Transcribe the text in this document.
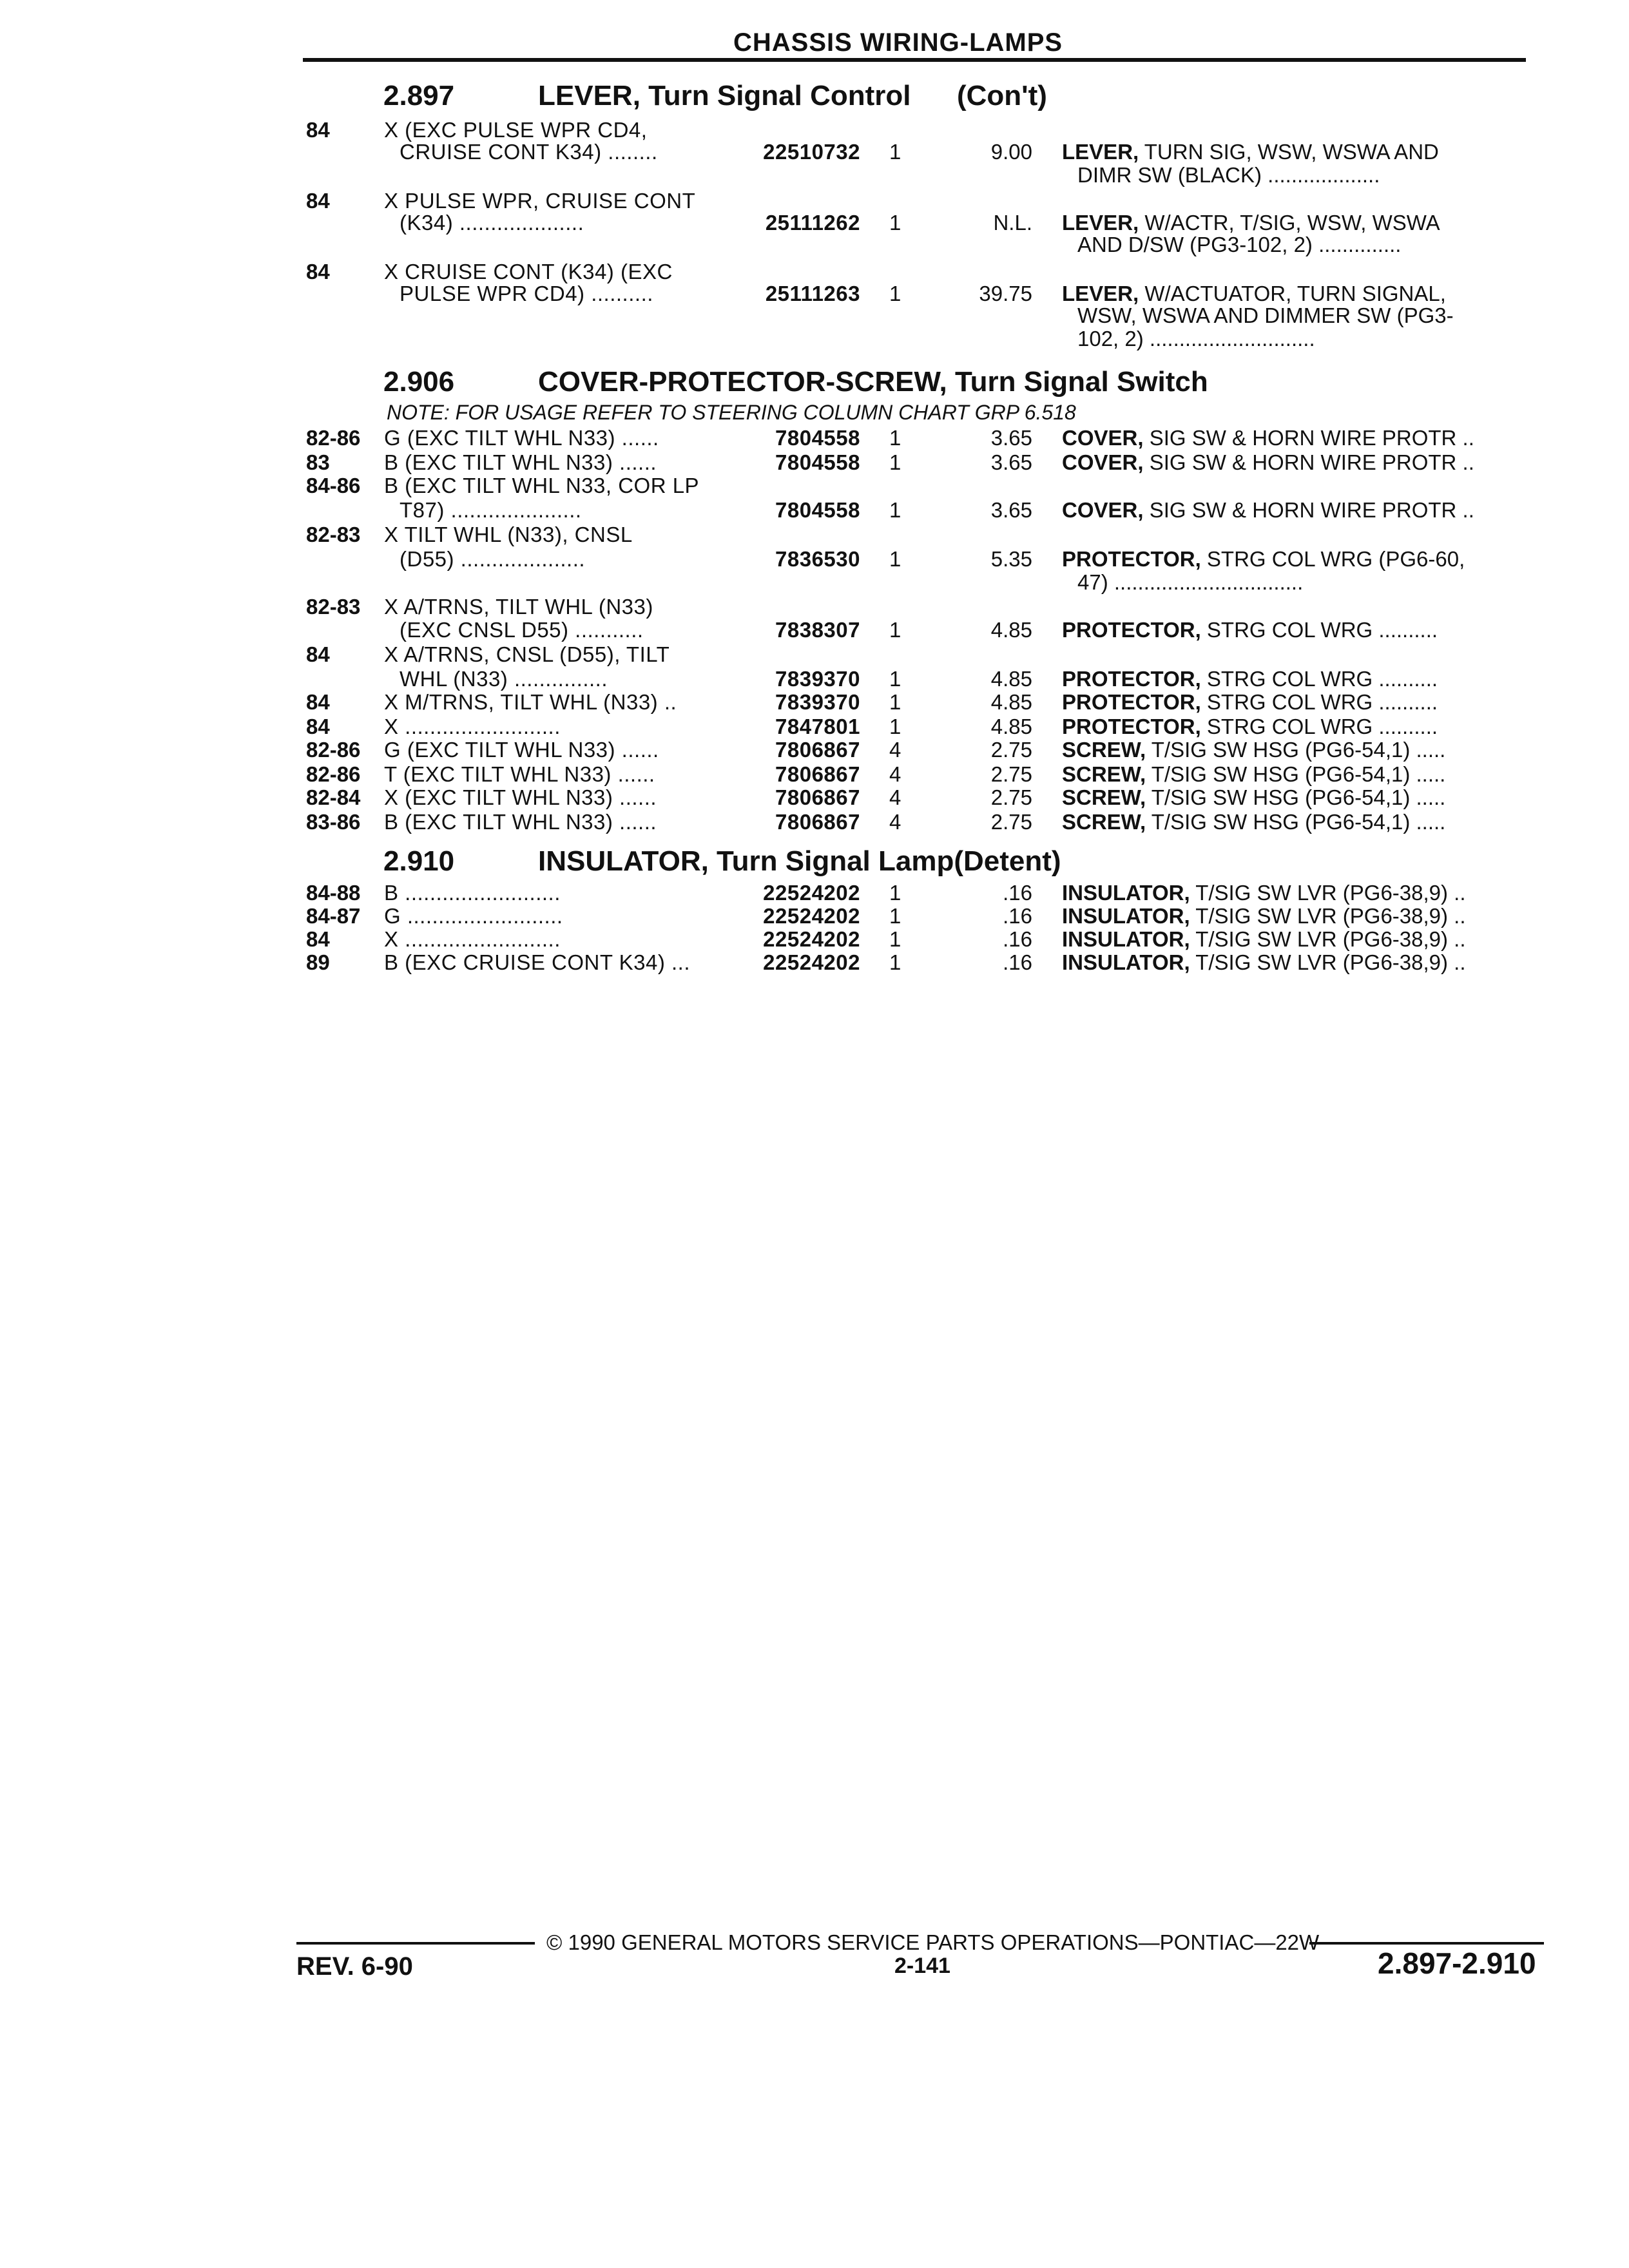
CHASSIS WIRING-LAMPS
2.897	LEVER, Turn Signal Control (Con't)
2.906	COVER-PROTECTOR-SCREW, Turn Signal Switch
NOTE: FOR USAGE REFER TO STEERING COLUMN CHART GRP 6.518
2.910	INSULATOR, Turn Signal Lamp(Detent)
84	X (EXC PULSE WPR CD4,
CRUISE CONT K34) ........	22510732 1	9.00 LEVER, TURN SIG, WSW, WSWA AND
DIMR SW (BLACK) ...................
84	X PULSE WPR, CRUISE CONT
(K34) ....................	25111262 1	N.L. LEVER, W/ACTR, T/SIG, WSW, WSWA
AND D/SW (PG3-102, 2) ..............
84	X CRUISE CONT (K34) (EXC
PULSE WPR CD4) ..........	25111263 1	39.75 LEVER, W/ACTUATOR, TURN SIGNAL,
WSW, WSWA AND DIMMER SW (PG3-
102, 2) ............................
82-86 G (EXC TILT WHL N33) ......	7804558 1	3.65 COVER, SIG SW & HORN WIRE PROTR ..
83	B (EXC TILT WHL N33) ......	7804558 1	3.65 COVER, SIG SW & HORN WIRE PROTR ..
84-86 B (EXC TILT WHL N33, COR LP
T87) .....................	7804558 1	3.65 COVER, SIG SW & HORN WIRE PROTR ..
82-83 X TILT WHL (N33), CNSL
(D55) ....................	7836530 1	5.35 PROTECTOR, STRG COL WRG (PG6-60,
47) ................................
82-83 X A/TRNS, TILT WHL (N33)
(EXC CNSL D55) ...........	7838307 1	4.85 PROTECTOR, STRG COL WRG ..........
84	X A/TRNS, CNSL (D55), TILT
WHL (N33) ...............	7839370 1	4.85 PROTECTOR, STRG COL WRG ..........
84	X M/TRNS, TILT WHL (N33) ..	7839370 1	4.85 PROTECTOR, STRG COL WRG ..........
84	X .........................	7847801 1	4.85 PROTECTOR, STRG COL WRG ..........
82-86 G (EXC TILT WHL N33) ......	7806867 4	2.75 SCREW, T/SIG SW HSG (PG6-54,1) .....
82-86 T (EXC TILT WHL N33) ......	7806867 4	2.75 SCREW, T/SIG SW HSG (PG6-54,1) .....
82-84 X (EXC TILT WHL N33) ......	7806867 4	2.75 SCREW, T/SIG SW HSG (PG6-54,1) .....
83-86 B (EXC TILT WHL N33) ......	7806867 4	2.75 SCREW, T/SIG SW HSG (PG6-54,1) .....
84-88 B .........................	22524202 1	.16 INSULATOR, T/SIG SW LVR (PG6-38,9) ..
84-87 G .........................	22524202 1	.16 INSULATOR, T/SIG SW LVR (PG6-38,9) ..
84	X .........................	22524202 1	.16 INSULATOR, T/SIG SW LVR (PG6-38,9) ..
89	B (EXC CRUISE CONT K34) ...	22524202 1	.16 INSULATOR, T/SIG SW LVR (PG6-38,9) ..
© 1990 GENERAL MOTORS SERVICE PARTS OPERATIONS—PONTIAC—22W
REV. 6-90	2-141	2.897-2.910
